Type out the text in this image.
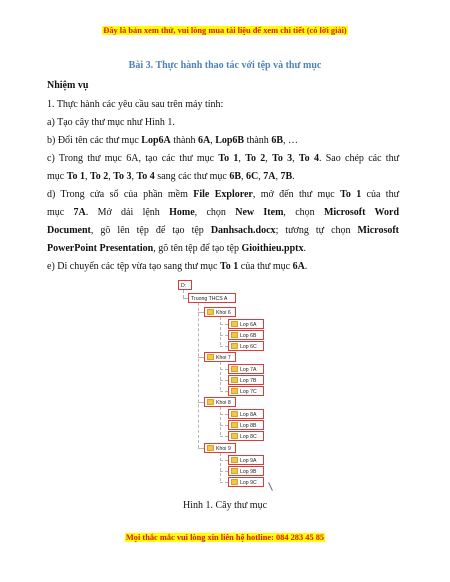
Đây là bản xem thử, vui lòng mua tài liệu để xem chi tiết (có lời giải)
Bài 3. Thực hành thao tác với tệp và thư mục
Nhiệm vụ
1. Thực hành các yêu cầu sau trên máy tính:
a) Tạo cây thư mục như Hình 1.
b) Đổi tên các thư mục Lop6A thành 6A, Lop6B thành 6B, …
c) Trong thư mục 6A, tạo các thư mục To 1, To 2, To 3, To 4. Sao chép các thư
mục To 1, To 2, To 3, To 4 sang các thư mục 6B, 6C, 7A, 7B.
d) Trong cửa sổ của phần mềm File Explorer, mở đến thư mục To 1 của thư
mục 7A. Mở dải lệnh Home, chọn New Item, chọn Microsoft Word
Document, gõ lên tệp để tạo tệp Danhsach.docx; tương tự chọn Microsoft
PowerPoint Presentation, gõ tên tệp để tạo tệp Gioithieu.pptx.
e) Di chuyển các tệp vừa tạo sang thư mục To 1 của thư mục 6A.
D:
Truong THCS A
Khoi 6
Lop 6A
Lop 6B
Lop 6C
Khoi 7
Lop 7A
Lop 7B
Lop 7C
Khoi 8
Lop 8A
Lop 8B
Lop 8C
Khoi 9
Lop 9A
Lop 9B
Lop 9C
Hình 1. Cây thư mục
Mọi thắc mắc vui lòng xin liên hệ hotline: 084 283 45 85
